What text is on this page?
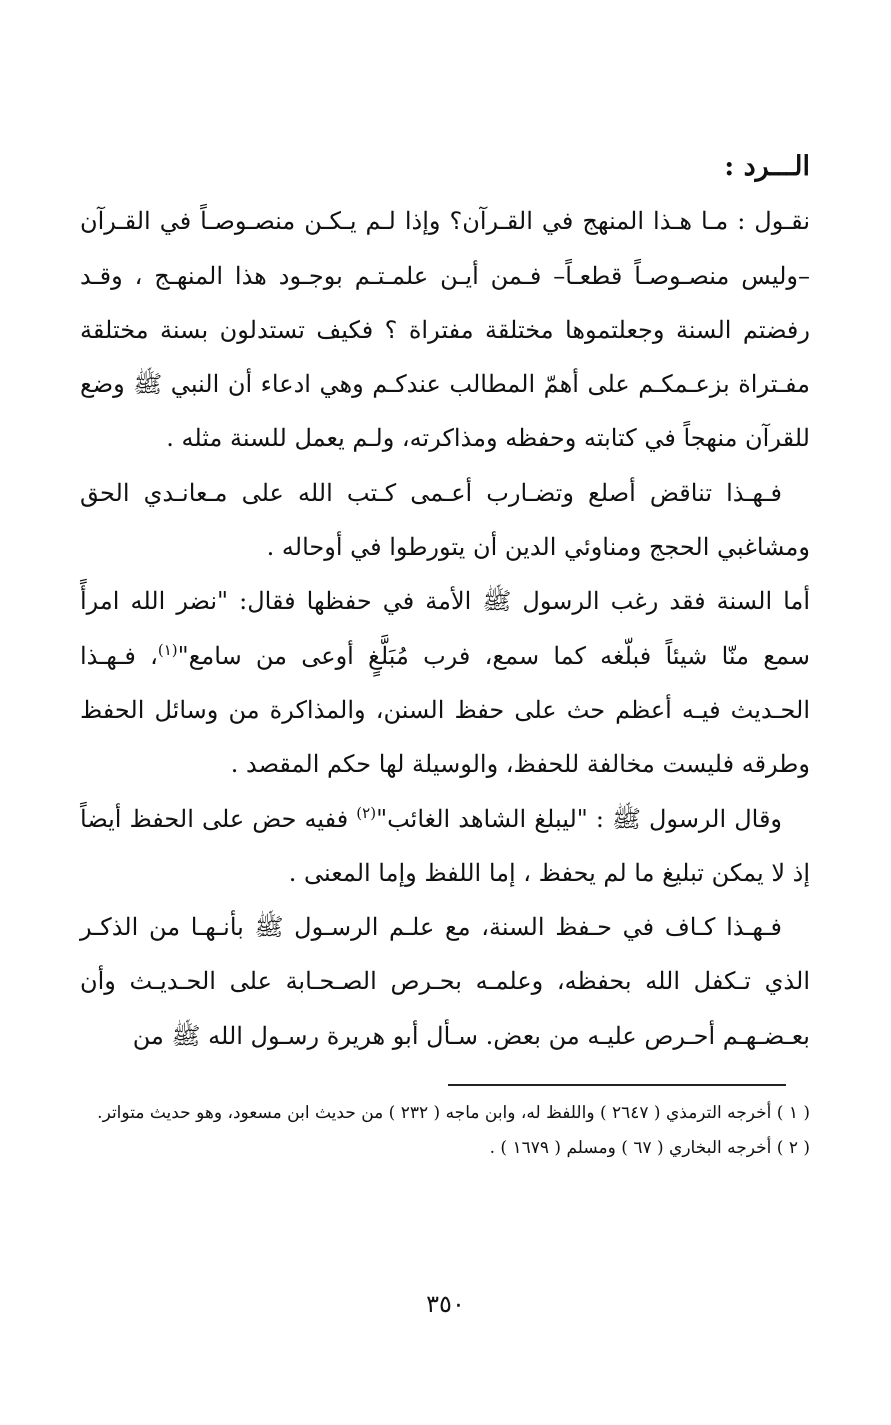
الـــرد :

نقـول : مـا هـذا المنهج في القـرآن؟ وإذا لـم يـكـن منصـوصـاً في القـرآن –وليس منصـوصـاً قطعـاً– فـمن أيـن علمـتـم بوجـود هذا المنهـج ، وقـد رفضتم السنة وجعلتموها مختلقة مفتراة ؟ فكيف تستدلون بسنة مختلقة مفـتراة بزعـمكـم على أهمّ المطالب عندكـم وهي ادعاء أن النبي ﷺ وضع للقرآن منهجاً في كتابته وحفظه ومذاكرته، ولـم يعمل للسنة مثله .

فـهـذا تناقض أصلع وتضـارب أعـمى كـتب الله على مـعانـدي الحق ومشاغبي الحجج ومناوئي الدين أن يتورطوا في أوحاله .

أما السنة فقد رغب الرسول ﷺ الأمة في حفظها فقال: "نضر الله امرأً سمع منّا شيئاً فبلّغه كما سمع، فرب مُبَلَّغٍ أوعى من سامع"$^{(١)}$، فـهـذا الحـديث فيـه أعظم حث على حفظ السنن، والمذاكرة من وسائل الحفظ وطرقه فليست مخالفة للحفظ، والوسيلة لها حكم المقصد .

وقال الرسول ﷺ : "ليبلغ الشاهد الغائب"$^{(٢)}$ ففيه حض على الحفظ أيضاً إذ لا يمكن تبليغ ما لم يحفظ ، إما اللفظ وإما المعنى .

فـهـذا كـاف في حـفظ السنة، مع علـم الرسـول ﷺ بأنـهـا من الذكـر الذي تـكفل الله بحفظه، وعلمـه بحـرص الصـحـابة على الحـديـث وأن بعـضـهـم أحـرص عليـه من بعض. سـأل أبو هريرة رسـول الله ﷺ من

( ١ ) أخرجه الترمذي ( ٢٦٤٧ ) واللفظ له، وابن ماجه ( ٢٣٢ ) من حديث ابن مسعود، وهو حديث متواتر.

( ٢ ) أخرجه البخاري ( ٦٧ ) ومسلم ( ١٦٧٩ ) .

٣٥٠
